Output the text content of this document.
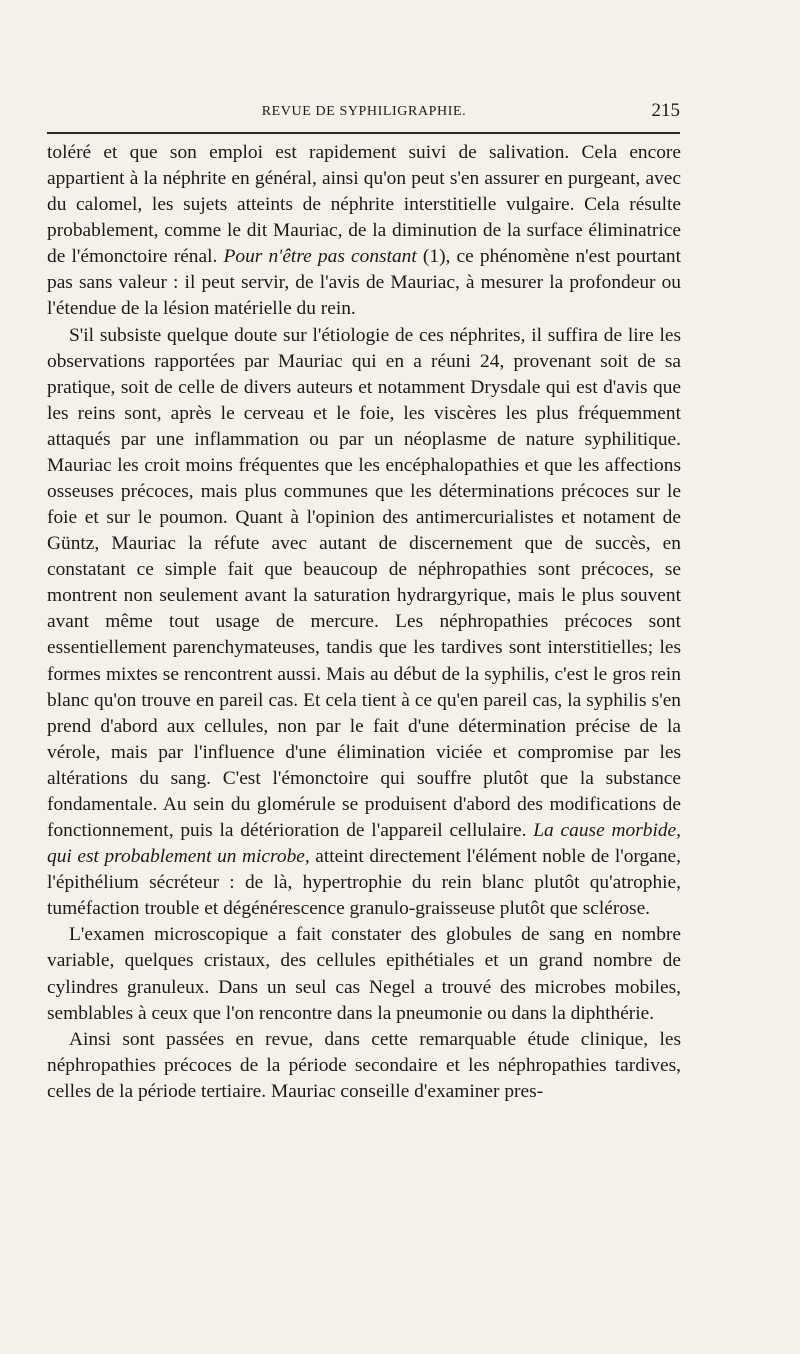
REVUE DE SYPHILIGRAPHIE.	215

toléré et que son emploi est rapidement suivi de salivation. Cela encore appartient à la néphrite en général, ainsi qu'on peut s'en assurer en purgeant, avec du calomel, les sujets atteints de néphrite interstitielle vulgaire. Cela résulte probablement, comme le dit Mauriac, de la diminution de la surface éliminatrice de l'émonctoire rénal. Pour n'être pas constant (1), ce phénomène n'est pourtant pas sans valeur : il peut servir, de l'avis de Mauriac, à mesurer la profondeur ou l'étendue de la lésion matérielle du rein.

S'il subsiste quelque doute sur l'étiologie de ces néphrites, il suffira de lire les observations rapportées par Mauriac qui en a réuni 24, provenant soit de sa pratique, soit de celle de divers auteurs et notamment Drysdale qui est d'avis que les reins sont, après le cerveau et le foie, les viscères les plus fréquemment attaqués par une inflammation ou par un néoplasme de nature syphilitique. Mauriac les croit moins fréquentes que les encéphalopathies et que les affections osseuses précoces, mais plus communes que les déterminations précoces sur le foie et sur le poumon. Quant à l'opinion des antimercurialistes et notament de Güntz, Mauriac la réfute avec autant de discernement que de succès, en constatant ce simple fait que beaucoup de néphropathies sont précoces, se montrent non seulement avant la saturation hydrargyrique, mais le plus souvent avant même tout usage de mercure. Les néphropathies précoces sont essentiellement parenchymateuses, tandis que les tardives sont interstitielles; les formes mixtes se rencontrent aussi. Mais au début de la syphilis, c'est le gros rein blanc qu'on trouve en pareil cas. Et cela tient à ce qu'en pareil cas, la syphilis s'en prend d'abord aux cellules, non par le fait d'une détermination précise de la vérole, mais par l'influence d'une élimination viciée et compromise par les altérations du sang. C'est l'émonctoire qui souffre plutôt que la substance fondamentale. Au sein du glomérule se produisent d'abord des modifications de fonctionnement, puis la détérioration de l'appareil cellulaire. La cause morbide, qui est probablement un microbe, atteint directement l'élément noble de l'organe, l'épithélium sécréteur : de là, hypertrophie du rein blanc plutôt qu'atrophie, tuméfaction trouble et dégénérescence granulo-graisseuse plutôt que sclérose.

L'examen microscopique a fait constater des globules de sang en nombre variable, quelques cristaux, des cellules epithétiales et un grand nombre de cylindres granuleux. Dans un seul cas Negel a trouvé des microbes mobiles, semblables à ceux que l'on rencontre dans la pneumonie ou dans la diphthérie.

Ainsi sont passées en revue, dans cette remarquable étude clinique, les néphropathies précoces de la période secondaire et les néphropathies tardives, celles de la période tertiaire. Mauriac conseille d'examiner pres-
